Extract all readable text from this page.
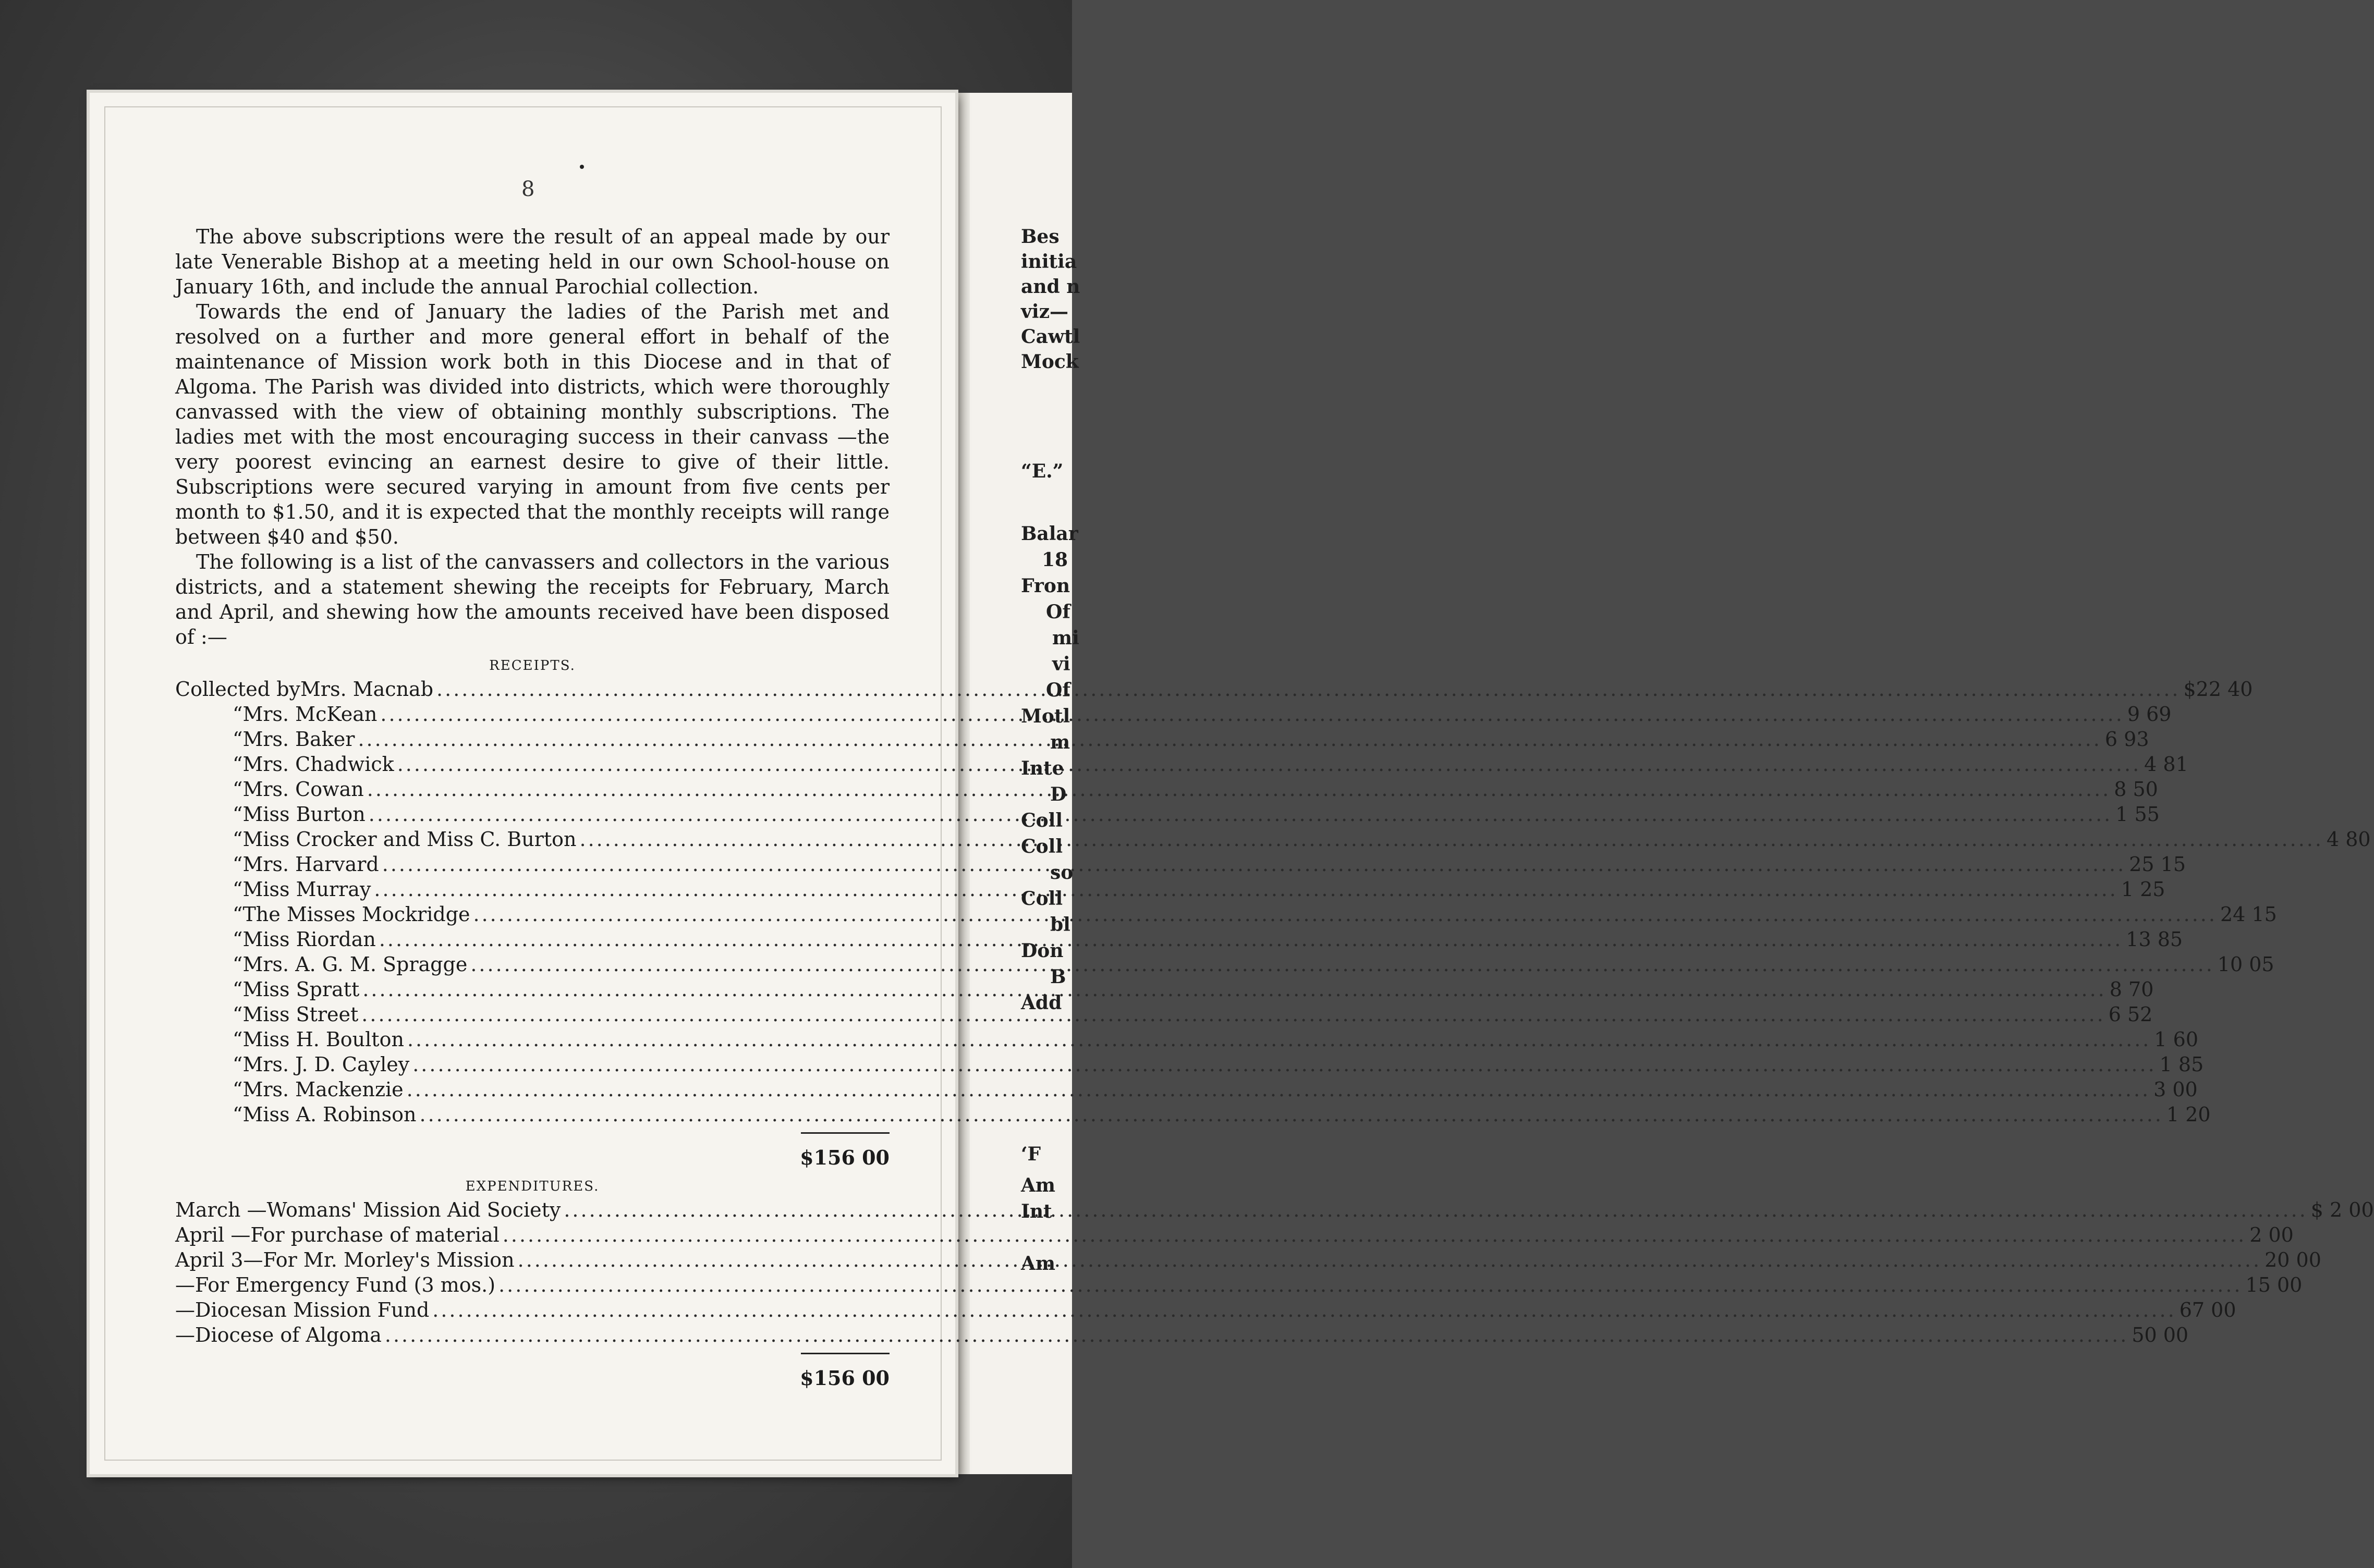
8

The above subscriptions were the result of an appeal made by our late Venerable Bishop at a meeting held in our own School-house on January 16th, and include the annual Parochial collection.

Towards the end of January the ladies of the Parish met and resolved on a further and more general effort in behalf of the maintenance of Mission work both in this Diocese and in that of Algoma. The Parish was divided into districts, which were thoroughly canvassed with the view of obtaining monthly subscriptions. The ladies met with the most encouraging success in their canvass —the very poorest evincing an earnest desire to give of their little. Subscriptions were secured varying in amount from five cents per month to $1.50, and it is expected that the monthly receipts will range between $40 and $50.

The following is a list of the canvassers and collectors in the various districts, and a statement shewing the receipts for February, March and April, and shewing how the amounts received have been disposed of :—

RECEIPTS.
Collected by Mrs. Macnab .....	$22 40
“ Mrs. McKean .....	9 69
“ Mrs. Baker .....	6 93
“ Mrs. Chadwick .....	4 81
“ Mrs. Cowan .....	8 50
“ Miss Burton .....	1 55
“ Miss Crocker and Miss C. Burton .....	4 80
“ Mrs. Harvard .....	25 15
“ Miss Murray .....	1 25
“ The Misses Mockridge .....	24 15
“ Miss Riordan .....	13 85
“ Mrs. A. G. M. Spragge .....	10 05
“ Miss Spratt .....	8 70
“ Miss Street .....	6 52
“ Miss H. Boulton .....	1 60
“ Mrs. J. D. Cayley .....	1 85
“ Mrs. Mackenzie .....	3 00
“ Miss A. Robinson .....	1 20
$156 00
EXPENDITURES.
March — Womans' Mission Aid Society .....	$ 2 00
April — For purchase of material .....	2 00
April 3— For Mr. Morley's Mission .....	20 00
— For Emergency Fund (3 mos.) .....	15 00
— Diocesan Mission Fund .....	67 00
— Diocese of Algoma .....	50 00
$156 00
Bes
initia
and n
viz—
Cawtl
Mock
“E.”
Balar
18
Fron
Of
mi
vi
Of
Motl
m
Inte
D
Coll
Coll
so
Coll
bl
Don
B
Add
‘F
Am
Int
Am
